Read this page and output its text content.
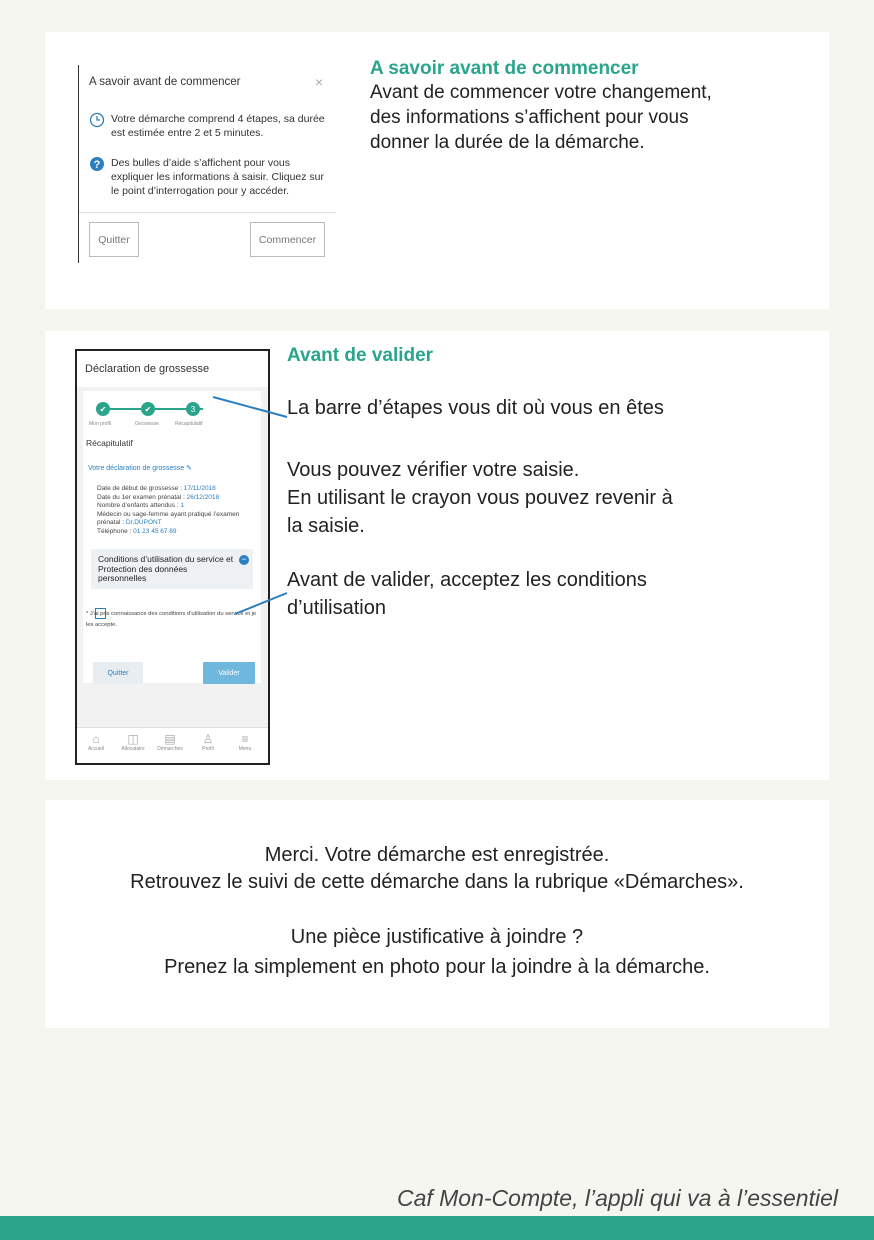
A savoir avant de commencer	×
Votre démarche comprend 4 étapes, sa durée est estimée entre 2 et 5 minutes.
? Des bulles d’aide s’affichent pour vous expliquer les informations à saisir. Cliquez sur le point d’interrogation pour y accéder.
Quitter	Commencer
A savoir avant de commencer
Avant de commencer votre changement,
des informations s’affichent pour vous
donner la durée de la démarche.
Déclaration de grossesse
✔	✔	3
Mon profil	Grossesse	Récapitulatif
Récapitulatif
Votre déclaration de grossesse ✎
Date de début de grossesse : 17/11/2018
Date du 1er examen prénatal : 26/12/2018
Nombre d’enfants attendus : 1
Médecin ou sage-femme ayant pratiqué l’examen prénatal : Dr.DUPONT
Téléphone : 01 23 45 67 89
Conditions d’utilisation du service et Protection des données personnelles
−
* J’ai pris connaissance des conditions d’utilisation du service et je les accepte.
Quitter	Valider
⌂
Accueil
◫
Allocataire
▤
Démarches
♙
Profil
≡
Menu
Avant de valider
La barre d’étapes vous dit où vous en êtes
Vous pouvez vérifier votre saisie.
En utilisant le crayon vous pouvez revenir à
la saisie.
Avant de valider, acceptez les conditions
d’utilisation
Merci. Votre démarche est enregistrée.
Retrouvez le suivi de cette démarche dans la rubrique «Démarches».
Une pièce justificative à joindre ?
Prenez la simplement en photo pour la joindre à la démarche.
Caf Mon-Compte, l’appli qui va à l’essentiel
